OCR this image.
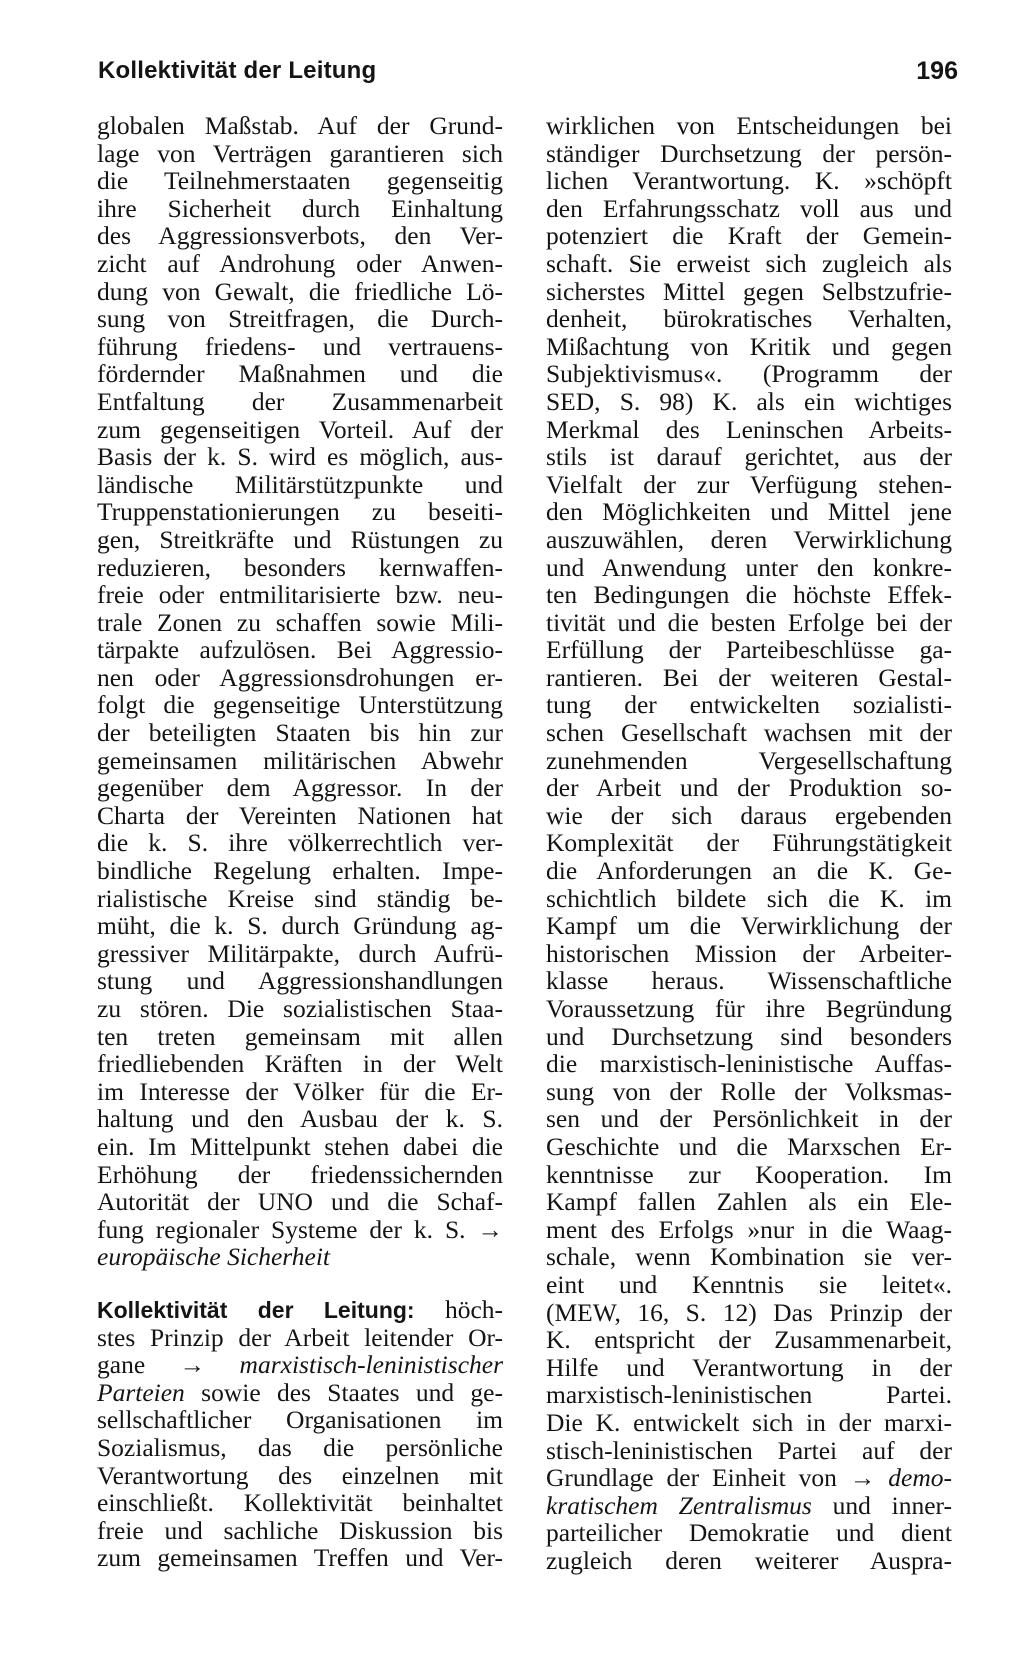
Kollektivität der Leitung	196
globalen Maßstab. Auf der Grund-
lage von Verträgen garantieren sich
die Teilnehmerstaaten gegenseitig
ihre Sicherheit durch Einhaltung
des Aggressionsverbots, den Ver-
zicht auf Androhung oder Anwen-
dung von Gewalt, die friedliche Lö-
sung von Streitfragen, die Durch-
führung friedens- und vertrauens-
fördernder Maßnahmen und die
Entfaltung der Zusammenarbeit
zum gegenseitigen Vorteil. Auf der
Basis der k. S. wird es möglich, aus-
ländische Militärstützpunkte und
Truppenstationierungen zu beseiti-
gen, Streitkräfte und Rüstungen zu
reduzieren, besonders kernwaffen-
freie oder entmilitarisierte bzw. neu-
trale Zonen zu schaffen sowie Mili-
tärpakte aufzulösen. Bei Aggressio-
nen oder Aggressionsdrohungen er-
folgt die gegenseitige Unterstützung
der beteiligten Staaten bis hin zur
gemeinsamen militärischen Abwehr
gegenüber dem Aggressor. In der
Charta der Vereinten Nationen hat
die k. S. ihre völkerrechtlich ver-
bindliche Regelung erhalten. Impe-
rialistische Kreise sind ständig be-
müht, die k. S. durch Gründung ag-
gressiver Militärpakte, durch Aufrü-
stung und Aggressionshandlungen
zu stören. Die sozialistischen Staa-
ten treten gemeinsam mit allen
friedliebenden Kräften in der Welt
im Interesse der Völker für die Er-
haltung und den Ausbau der k. S.
ein. Im Mittelpunkt stehen dabei die
Erhöhung der friedenssichernden
Autorität der UNO und die Schaf-
fung regionaler Systeme der k. S. →
europäische Sicherheit
Kollektivität der Leitung: höch-
stes Prinzip der Arbeit leitender Or-
gane → marxistisch-leninistischer
Parteien sowie des Staates und ge-
sellschaftlicher Organisationen im
Sozialismus, das die persönliche
Verantwortung des einzelnen mit
einschließt. Kollektivität beinhaltet
freie und sachliche Diskussion bis
zum gemeinsamen Treffen und Ver-
wirklichen von Entscheidungen bei
ständiger Durchsetzung der persön-
lichen Verantwortung. K. »schöpft
den Erfahrungsschatz voll aus und
potenziert die Kraft der Gemein-
schaft. Sie erweist sich zugleich als
sicherstes Mittel gegen Selbstzufrie-
denheit, bürokratisches Verhalten,
Mißachtung von Kritik und gegen
Subjektivismus«. (Programm der
SED, S. 98) K. als ein wichtiges
Merkmal des Leninschen Arbeits-
stils ist darauf gerichtet, aus der
Vielfalt der zur Verfügung stehen-
den Möglichkeiten und Mittel jene
auszuwählen, deren Verwirklichung
und Anwendung unter den konkre-
ten Bedingungen die höchste Effek-
tivität und die besten Erfolge bei der
Erfüllung der Parteibeschlüsse ga-
rantieren. Bei der weiteren Gestal-
tung der entwickelten sozialisti-
schen Gesellschaft wachsen mit der
zunehmenden Vergesellschaftung
der Arbeit und der Produktion so-
wie der sich daraus ergebenden
Komplexität der Führungstätigkeit
die Anforderungen an die K. Ge-
schichtlich bildete sich die K. im
Kampf um die Verwirklichung der
historischen Mission der Arbeiter-
klasse heraus. Wissenschaftliche
Voraussetzung für ihre Begründung
und Durchsetzung sind besonders
die marxistisch-leninistische Auffas-
sung von der Rolle der Volksmas-
sen und der Persönlichkeit in der
Geschichte und die Marxschen Er-
kenntnisse zur Kooperation. Im
Kampf fallen Zahlen als ein Ele-
ment des Erfolgs »nur in die Waag-
schale, wenn Kombination sie ver-
eint und Kenntnis sie leitet«.
(MEW, 16, S. 12) Das Prinzip der
K. entspricht der Zusammenarbeit,
Hilfe und Verantwortung in der
marxistisch-leninistischen Partei.
Die K. entwickelt sich in der marxi-
stisch-leninistischen Partei auf der
Grundlage der Einheit von → demo-
kratischem Zentralismus und inner-
parteilicher Demokratie und dient
zugleich deren weiterer Auspra-
